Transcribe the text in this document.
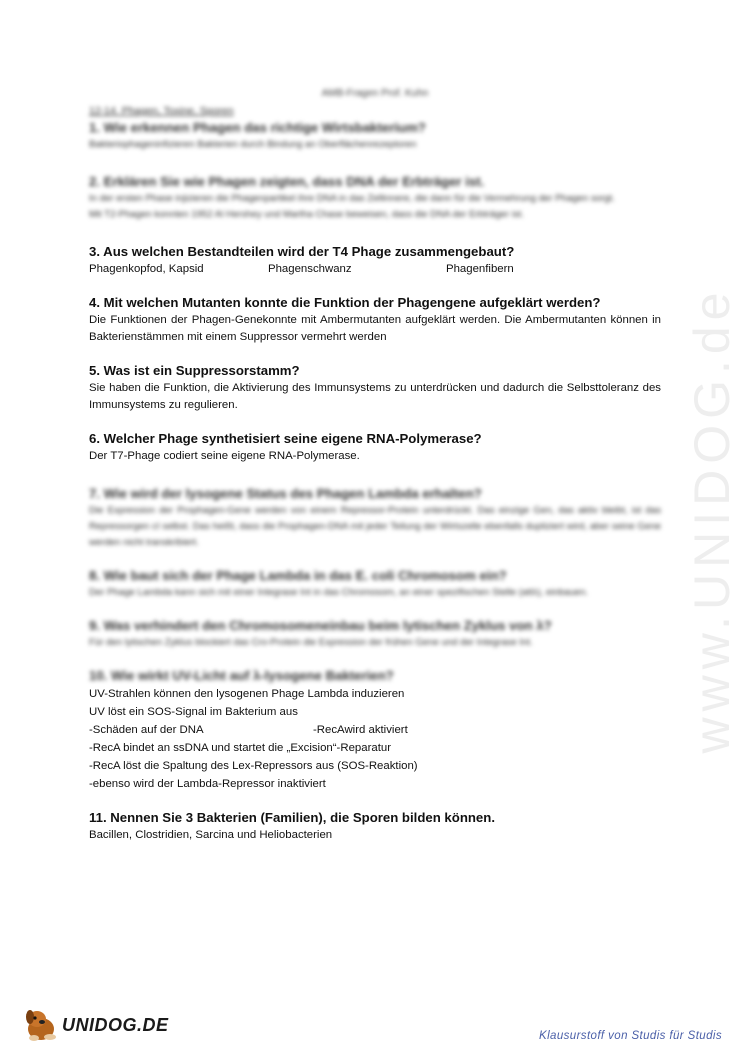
www.UNIDOG.de

AMB-Fragen Prof. Kuhn

12-14. Phagen, Toxine, Sporen

1. Wie erkennen Phagen das richtige Wirtsbakterium?

Bakteriophageninfizieren Bakterien durch Bindung an Oberflächenrezeptoren

2. Erklären Sie wie Phagen zeigten, dass DNA der Erbträger ist.

In der ersten Phase injizieren die Phagenpartikel ihre DNA in das Zellinnere, die dann für die Vermehrung der Phagen sorgt.

Mit T2-Phagen konnten 1952 Al Hershey und Martha Chase beweisen, dass die DNA der Erbträger ist.

3. Aus welchen Bestandteilen wird der T4 Phage zusammengebaut?

Phagenkopfod, Kapsid	Phagenschwanz	Phagenfibern

4. Mit welchen Mutanten konnte die Funktion der Phagengene aufgeklärt werden?

Die Funktionen der Phagen-Genekonnte mit Ambermutanten aufgeklärt werden. Die Ambermutanten können in Bakterienstämmen mit einem Suppressor vermehrt werden

5. Was ist ein Suppressorstamm?

Sie haben die Funktion, die Aktivierung des Immunsystems zu unterdrücken und dadurch die Selbsttoleranz des Immunsystems zu regulieren.

6. Welcher Phage synthetisiert seine eigene RNA-Polymerase?

Der T7-Phage codiert seine eigene RNA-Polymerase.

7. Wie wird der lysogene Status des Phagen Lambda erhalten?

Die Expression der Prophagen-Gene werden von einem Repressor-Protein unterdrückt. Das einzige Gen, das aktiv bleibt, ist das Repressorgen cI selbst. Das heißt, dass die Prophagen-DNA mit jeder Teilung der Wirtszelle ebenfalls dupliziert wird, aber seine Gene werden nicht transkribiert.

8. Wie baut sich der Phage Lambda in das E. coli Chromosom ein?

Der Phage Lambda kann sich mit einer Integrase Int in das Chromosom, an einer spezifischen Stelle (attλ), einbauen.

9. Was verhindert den Chromosomeneinbau beim lytischen Zyklus von λ?

Für den lytischen Zyklus blockiert das Cro-Protein die Expression der frühen Gene und der Integrase Int.

10. Wie wirkt UV-Licht auf λ-lysogene Bakterien?

UV-Strahlen können den lysogenen Phage Lambda induzieren
UV löst ein SOS-Signal im Bakterium aus
-Schäden auf der DNA	-RecAwird aktiviert
-RecA bindet an ssDNA und startet die „Excision“-Reparatur
-RecA löst die Spaltung des Lex-Repressors aus (SOS-Reaktion)
-ebenso wird der Lambda-Repressor inaktiviert

11. Nennen Sie 3 Bakterien (Familien), die Sporen bilden können.

Bacillen, Clostridien, Sarcina und Heliobacterien

UNIDOG.DE
Klausurstoff von Studis für Studis
